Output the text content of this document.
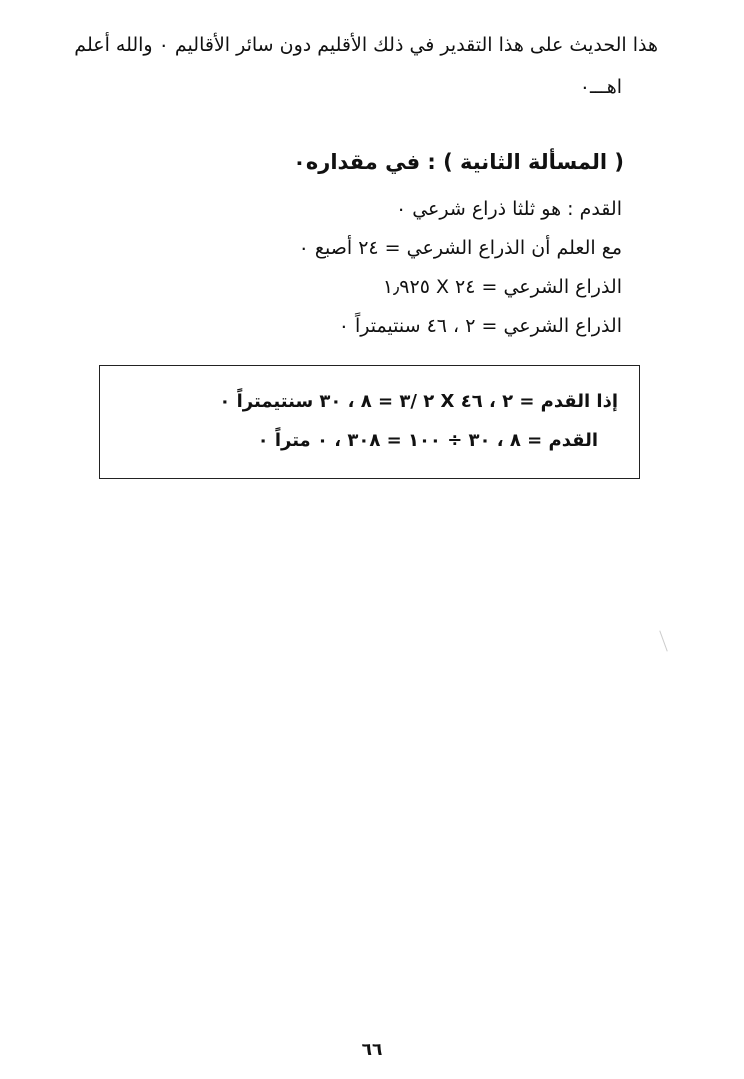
هذا الحديث على هذا التقدير في ذلك الأقليم دون سائر الأقاليم ٠ والله أعلم
اهـــ٠
( المسألة الثانية ) : في مقداره٠
القدم : هو ثلثا ذراع شرعي ٠
مع العلم أن الذراع الشرعي = ٢٤ أصبع ٠
الذراع الشرعي = ٢٤ X ١٫٩٢٥
الذراع الشرعي = ٢ ، ٤٦ سنتيمتراً ٠
إذا القدم = ٢ ، ٤٦ X ٢ /٣ = ٨ ، ٣٠ سنتيمتراً ٠
القدم = ٨ ، ٣٠ ÷ ١٠٠ = ٣٠٨ ، ٠ متراً ٠
٦٦
